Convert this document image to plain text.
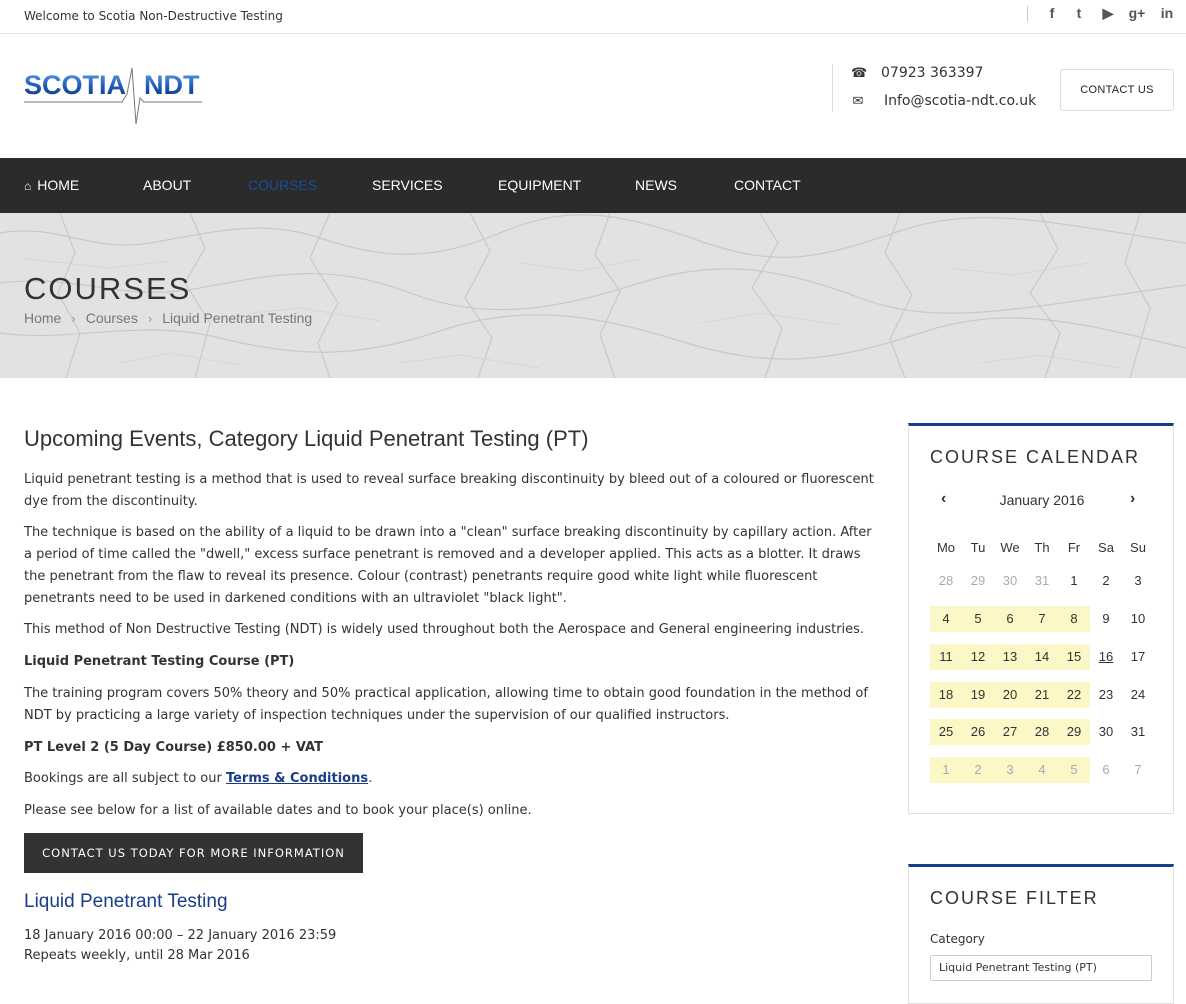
Welcome to Scotia Non-Destructive Testing	f	t	▶ g+ in
SCOTIA NDT	☎ 07923 363397
✉ Info@scotia-ndt.co.uk
CONTACT US
⌂ HOME	ABOUT	COURSES	SERVICES	EQUIPMENT	NEWS	CONTACT
COURSES
Home › Courses › Liquid Penetrant Testing
Upcoming Events, Category Liquid Penetrant Testing (PT)
Liquid penetrant testing is a method that is used to reveal surface breaking discontinuity by bleed out of a coloured or fluorescent dye from the discontinuity.
The technique is based on the ability of a liquid to be drawn into a "clean" surface breaking discontinuity by capillary action. After a period of time called the "dwell," excess surface penetrant is removed and a developer applied. This acts as a blotter. It draws the penetrant from the flaw to reveal its presence. Colour (contrast) penetrants require good white light while fluorescent penetrants need to be used in darkened conditions with an ultraviolet "black light".
This method of Non Destructive Testing (NDT) is widely used throughout both the Aerospace and General engineering industries.
Liquid Penetrant Testing Course (PT)
The training program covers 50% theory and 50% practical application, allowing time to obtain good foundation in the method of NDT by practicing a large variety of inspection techniques under the supervision of our qualified instructors.
PT Level 2 (5 Day Course) £850.00 + VAT
Bookings are all subject to our Terms & Conditions.
Please see below for a list of available dates and to book your place(s) online.
CONTACT US TODAY FOR MORE INFORMATION
Liquid Penetrant Testing
18 January 2016 00:00 – 22 January 2016 23:59
Repeats weekly, until 28 Mar 2016
COURSE CALENDAR
‹	January 2016	›
Mo	Tu	We	Th	Fr	Sa	Su
28	29	30	31	1	2	3
4	5	6	7	8	9	10
11	12	13	14	15	16	17
18	19	20	21	22	23	24
25	26	27	28	29	30	31
1	2	3	4	5	6	7
COURSE FILTER
Category
Liquid Penetrant Testing (PT)
